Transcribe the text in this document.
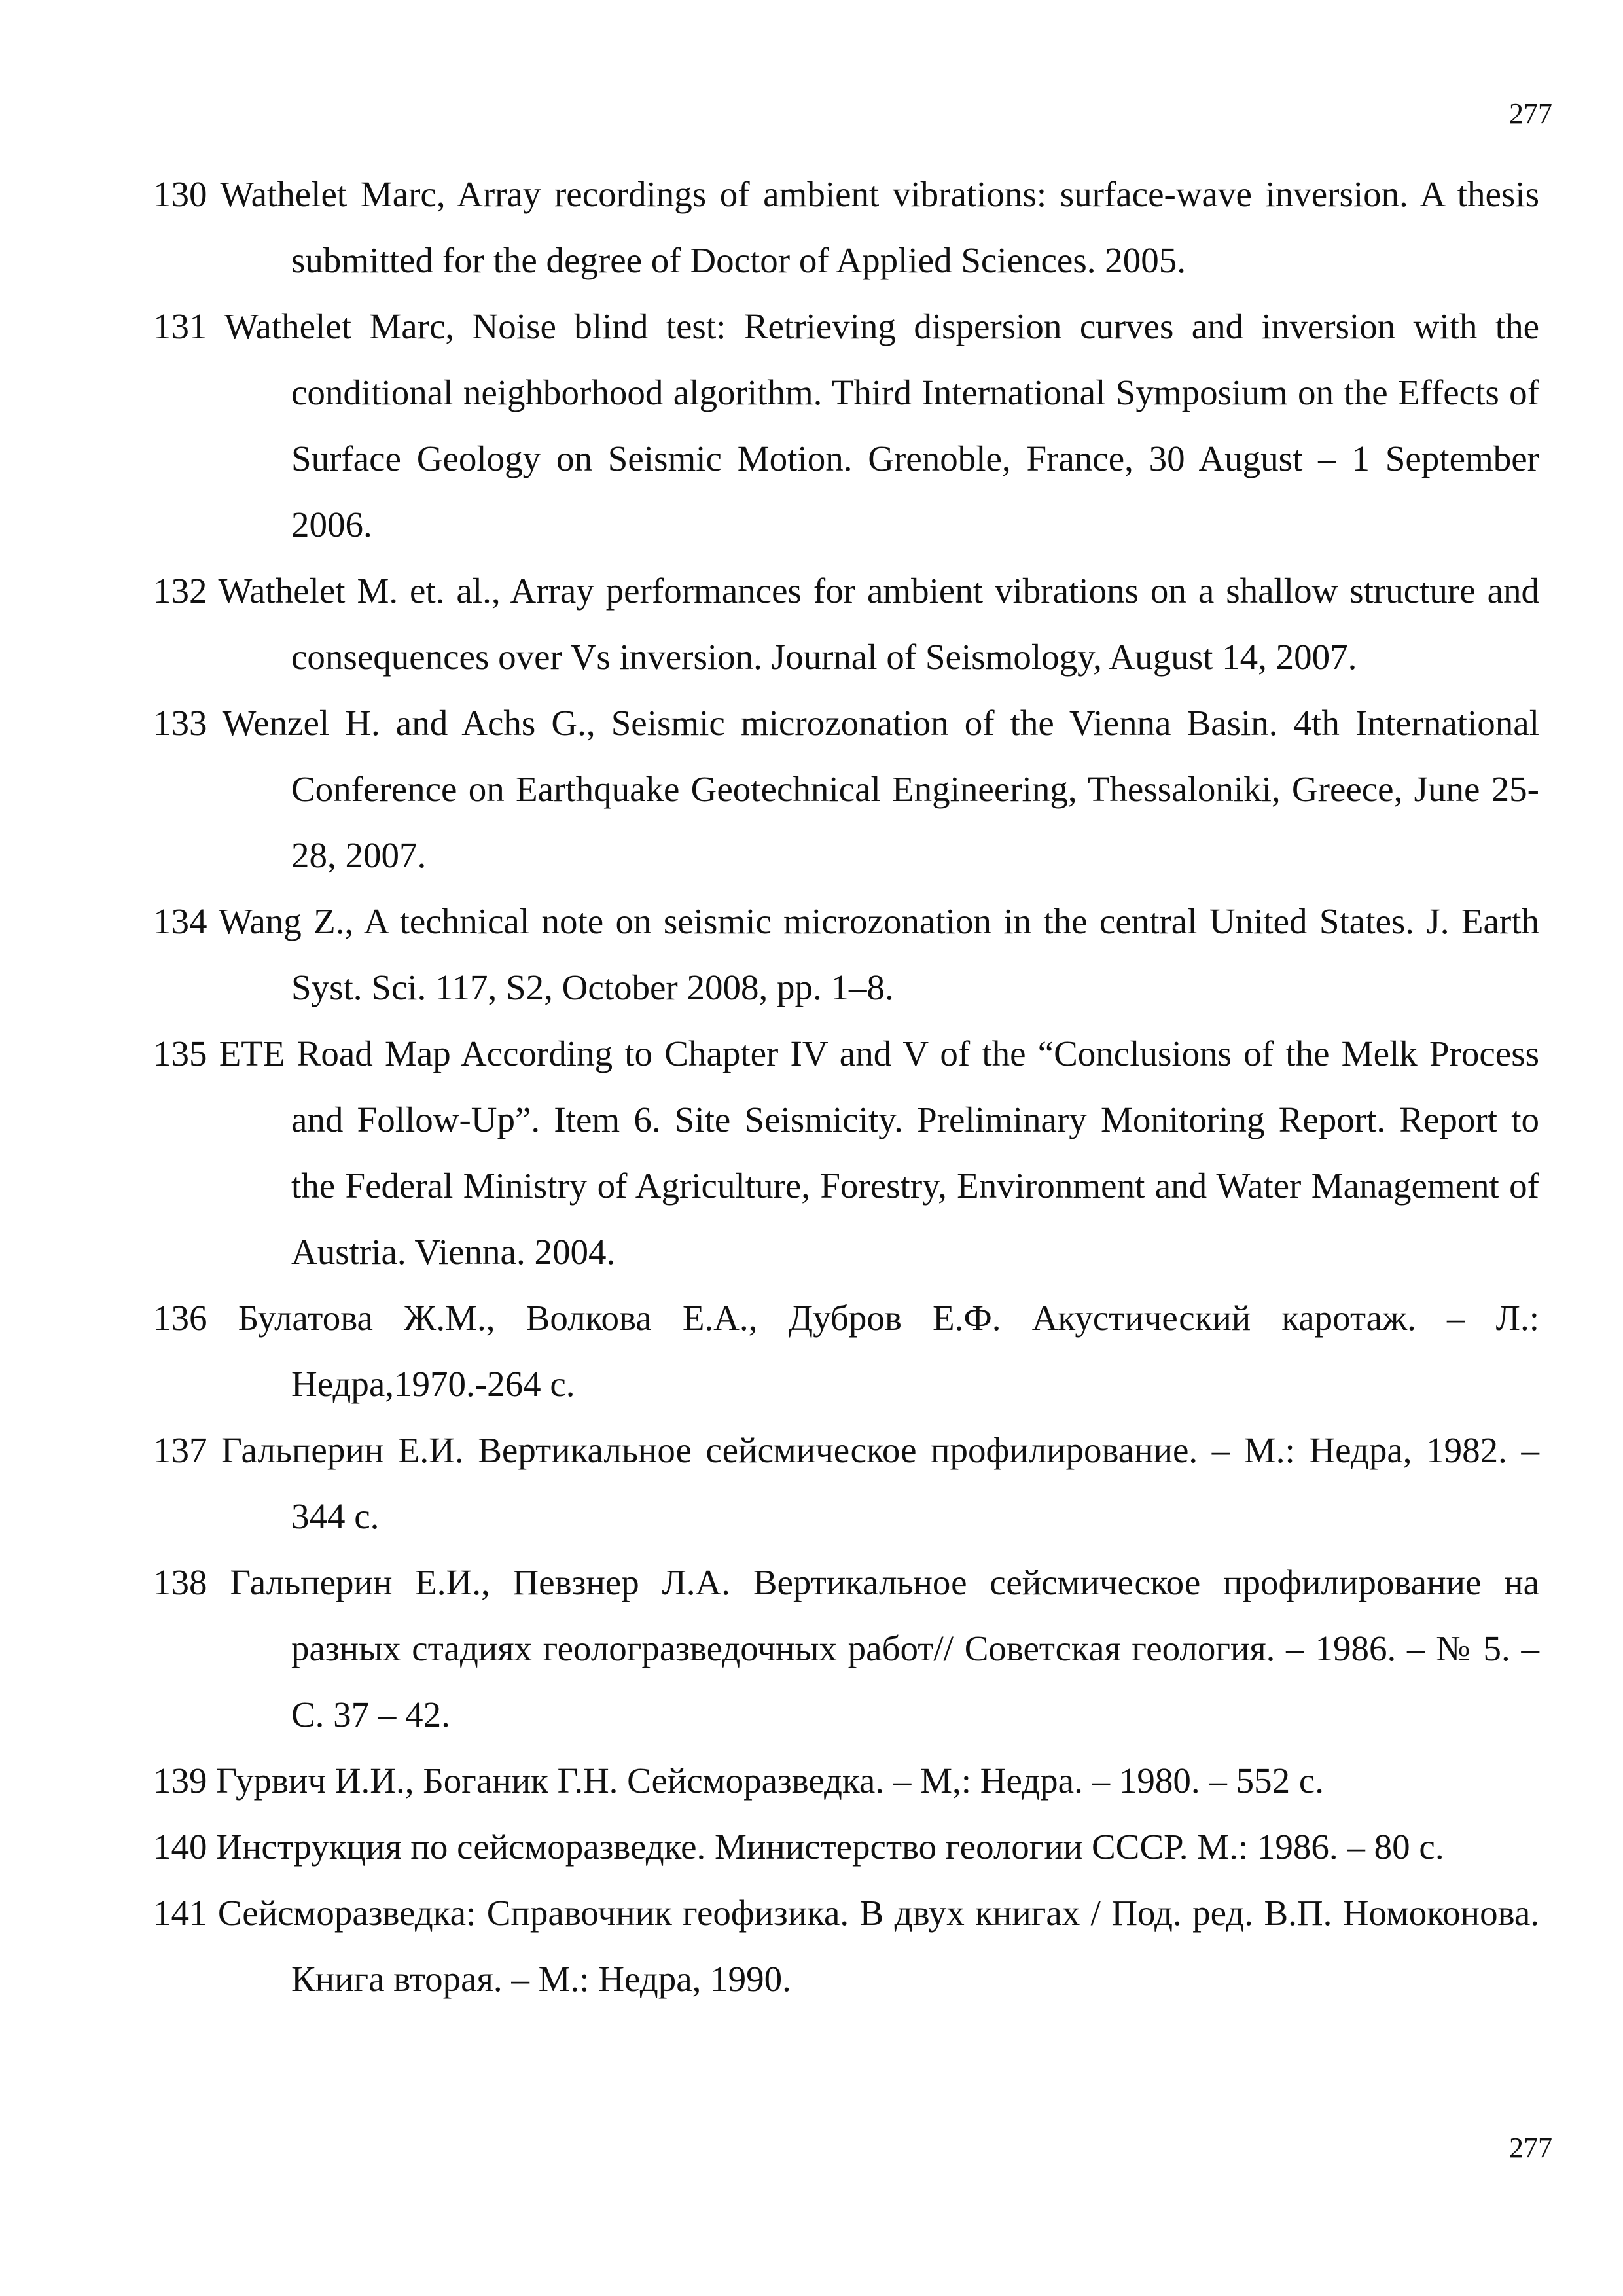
277
130 Wathelet Marc, Array recordings of ambient vibrations: surface-wave inversion. A thesis submitted for the degree of Doctor of Applied Sciences. 2005.
131 Wathelet Marc, Noise blind test: Retrieving dispersion curves and inversion with the conditional neighborhood algorithm. Third International Symposium on the Effects of Surface Geology on Seismic Motion. Grenoble, France, 30 August – 1 September 2006.
132 Wathelet M. et. al., Array performances for ambient vibrations on a shallow structure and consequences over Vs inversion. Journal of Seismology, August 14, 2007.
133 Wenzel H. and Achs G., Seismic microzonation of the Vienna Basin. 4th International Conference on Earthquake Geotechnical Engineering, Thessaloniki, Greece, June 25-28, 2007.
134 Wang Z., A technical note on seismic microzonation in the central United States. J. Earth Syst. Sci. 117, S2, October 2008, pp. 1–8.
135 ETE Road Map According to Chapter IV and V of the “Conclusions of the Melk Process and Follow-Up”. Item 6. Site Seismicity. Preliminary Monitoring Report. Report to the Federal Ministry of Agriculture, Forestry, Environment and Water Management of Austria. Vienna. 2004.
136 Булатова Ж.М., Волкова Е.А., Дубров Е.Ф. Акустический каротаж. – Л.: Недра,1970.-264 с.
137 Гальперин Е.И. Вертикальное сейсмическое профилирование. – М.: Недра, 1982. – 344 с.
138 Гальперин Е.И., Певзнер Л.А. Вертикальное сейсмическое профилирование на разных стадиях геологразведочных работ// Советская геология. – 1986. – № 5. – С. 37 – 42.
139 Гурвич И.И., Боганик Г.Н. Сейсморазведка. – М,: Недра. – 1980. – 552 с.
140 Инструкция по сейсморазведке. Министерство геологии СССР. М.: 1986. – 80 с.
141 Сейсморазведка: Справочник геофизика. В двух книгах / Под. ред. В.П. Номоконова. Книга вторая. – М.: Недра, 1990.
277
